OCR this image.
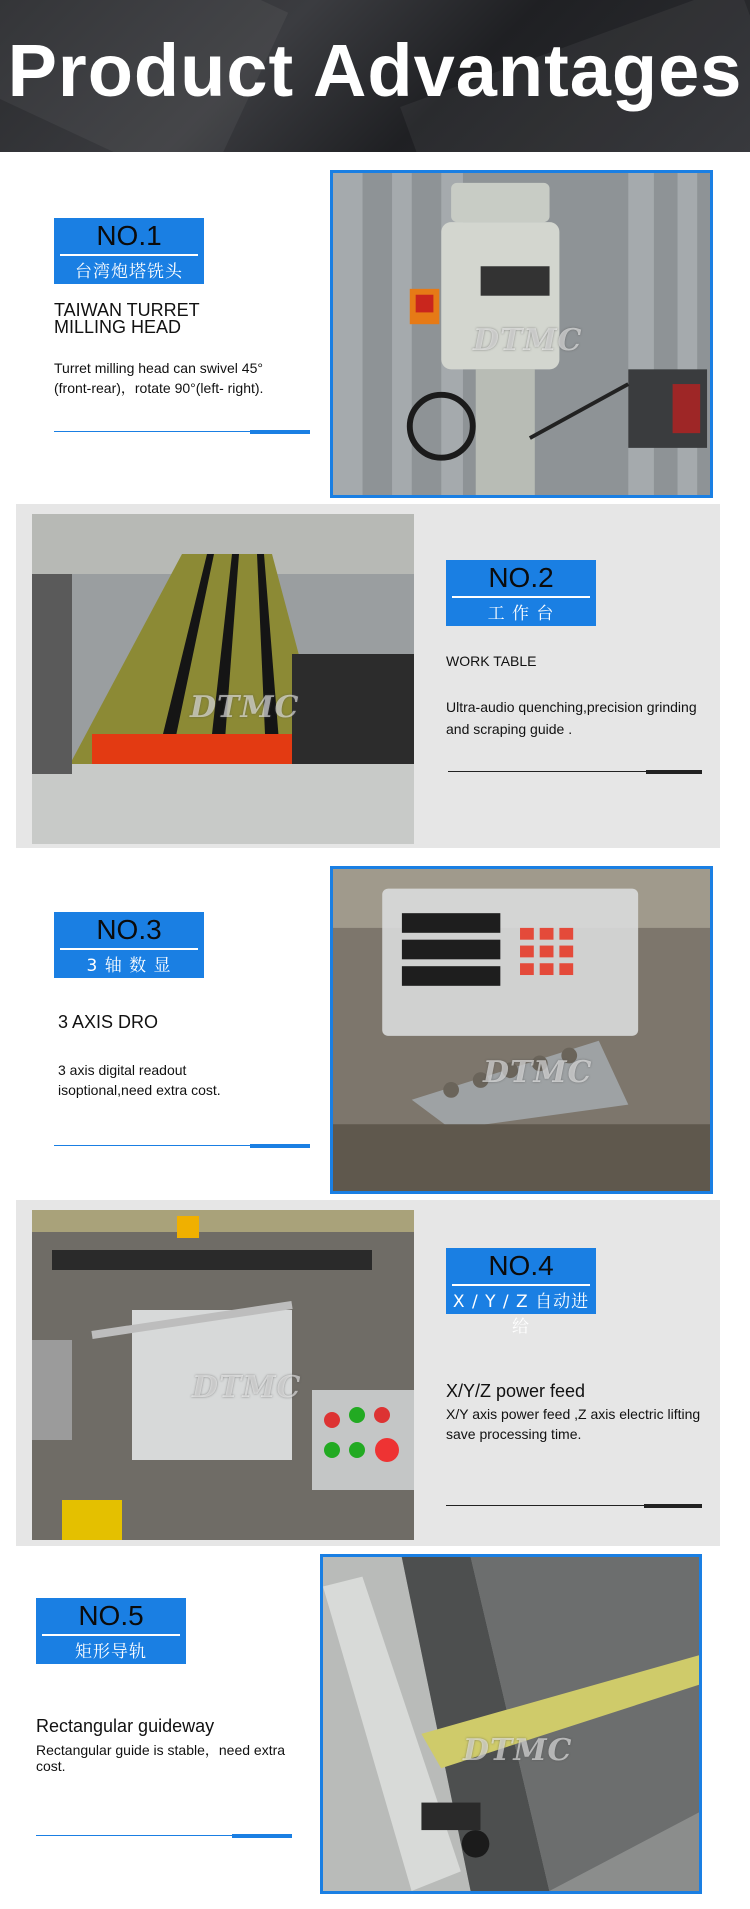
Product Advantages
NO.1
台湾炮塔铣头
TAIWAN TURRET MILLING HEAD
Turret milling head can swivel 45° (front-rear)，rotate 90°(left- right).
DTMC
DTMC
NO.2
工 作 台
WORK TABLE
Ultra-audio quenching,precision grinding and scraping guide .
NO.3
3 轴 数 显
3 AXIS DRO
3 axis digital readout isoptional,need extra cost.	DTMC
DTMC
NO.4
X / Y / Z 自动进给
X/Y/Z power feed
X/Y axis power feed ,Z axis electric lifting save processing time.
NO.5
矩形导轨
Rectangular guideway
Rectangular guide is stable，need extra cost.	DTMC
